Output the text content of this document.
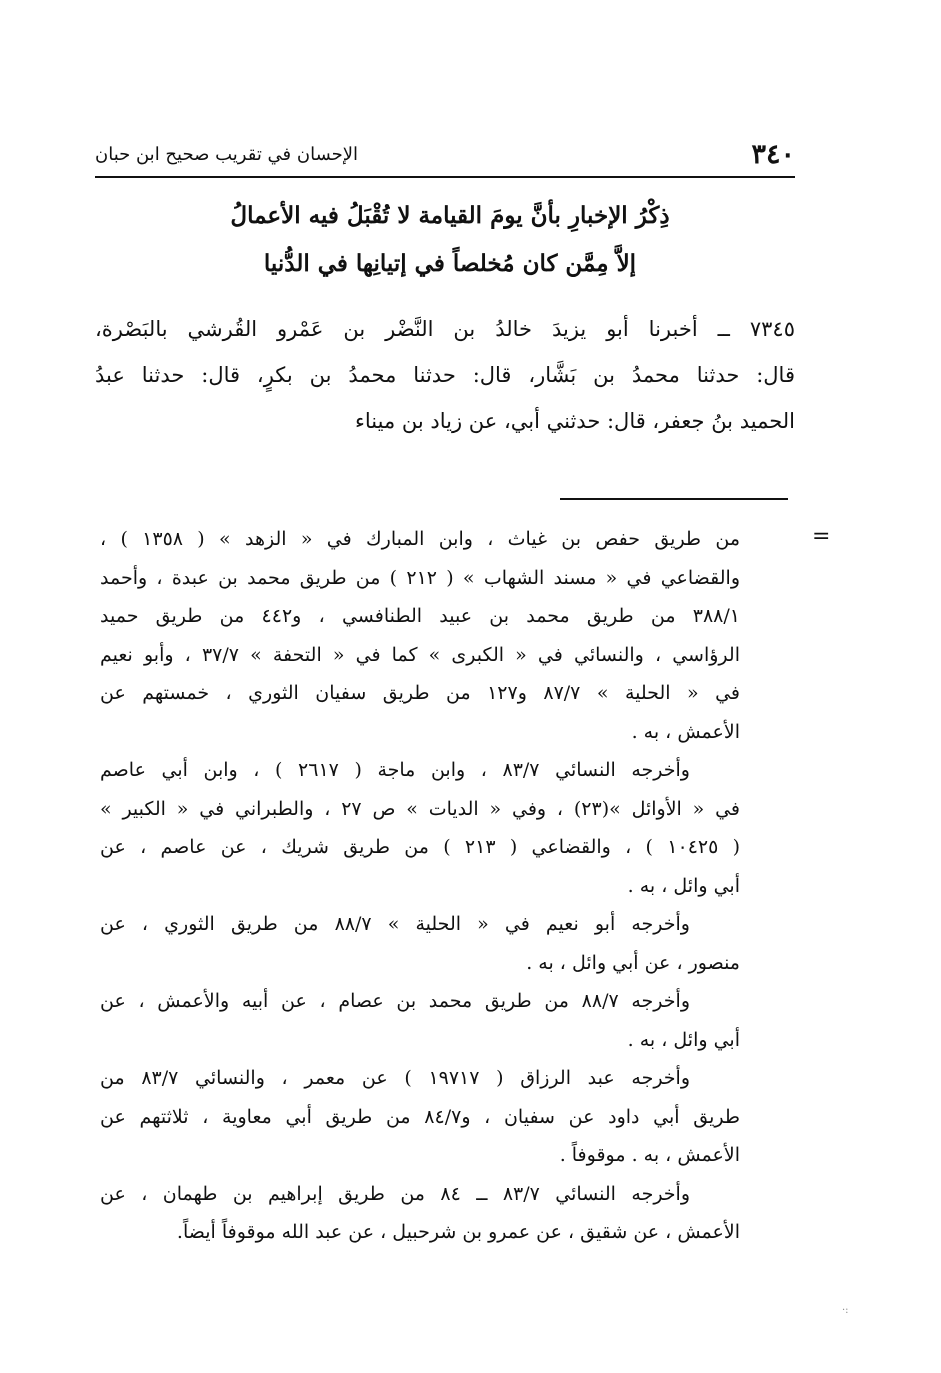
٣٤٠
الإحسان في تقريب صحيح ابن حبان
ذِكْرُ الإخبارِ بأنَّ يومَ القيامة لا تُقْبَلُ فيه الأعمالُ
إلاَّ مِمَّن كان مُخلصاً في إتيانِها في الدُّنيا
٧٣٤٥ ــ أخبرنا أبو يزيدَ خالدُ بن النَّضْر بن عَمْرو القُرشي بالبَصْرة،
قال: حدثنا محمدُ بن بَشَّار، قال: حدثنا محمدُ بن بكرٍ، قال: حدثنا عبدُ
الحميد بنُ جعفر، قال: حدثني أبي، عن زياد بن ميناء
=
من طريق حفص بن غياث ، وابن المبارك في « الزهد » ( ١٣٥٨ ) ،
والقضاعي في « مسند الشهاب » ( ٢١٢ ) من طريق محمد بن عبدة ، وأحمد
٣٨٨/١ من طريق محمد بن عبيد الطنافسي ، و٤٤٢ من طريق حميد
الرؤاسي ، والنسائي في « الكبرى » كما في « التحفة » ٣٧/٧ ، وأبو نعيم
في « الحلية » ٨٧/٧ و١٢٧ من طريق سفيان الثوري ، خمستهم عن
الأعمش ، به .
وأخرجه النسائي ٨٣/٧ ، وابن ماجة ( ٢٦١٧ ) ، وابن أبي عاصم
في « الأوائل »(٢٣) ، وفي « الديات » ص ٢٧ ، والطبراني في « الكبير »
( ١٠٤٢٥ ) ، والقضاعي ( ٢١٣ ) من طريق شريك ، عن عاصم ، عن
أبي وائل ، به .
وأخرجه أبو نعيم في « الحلية » ٨٨/٧ من طريق الثوري ، عن
منصور ، عن أبي وائل ، به .
وأخرجه ٨٨/٧ من طريق محمد بن عصام ، عن أبيه والأعمش ، عن
أبي وائل ، به .
وأخرجه عبد الرزاق ( ١٩٧١٧ ) عن معمر ، والنسائي ٨٣/٧ من
طريق أبي داود عن سفيان ، و٨٤/٧ من طريق أبي معاوية ، ثلاثتهم عن
الأعمش ، به . موقوفاً .
وأخرجه النسائي ٨٣/٧ ــ ٨٤ من طريق إبراهيم بن طهمان ، عن
الأعمش ، عن شقيق ، عن عمرو بن شرحبيل ، عن عبد الله موقوفاً أيضاً.
·:
